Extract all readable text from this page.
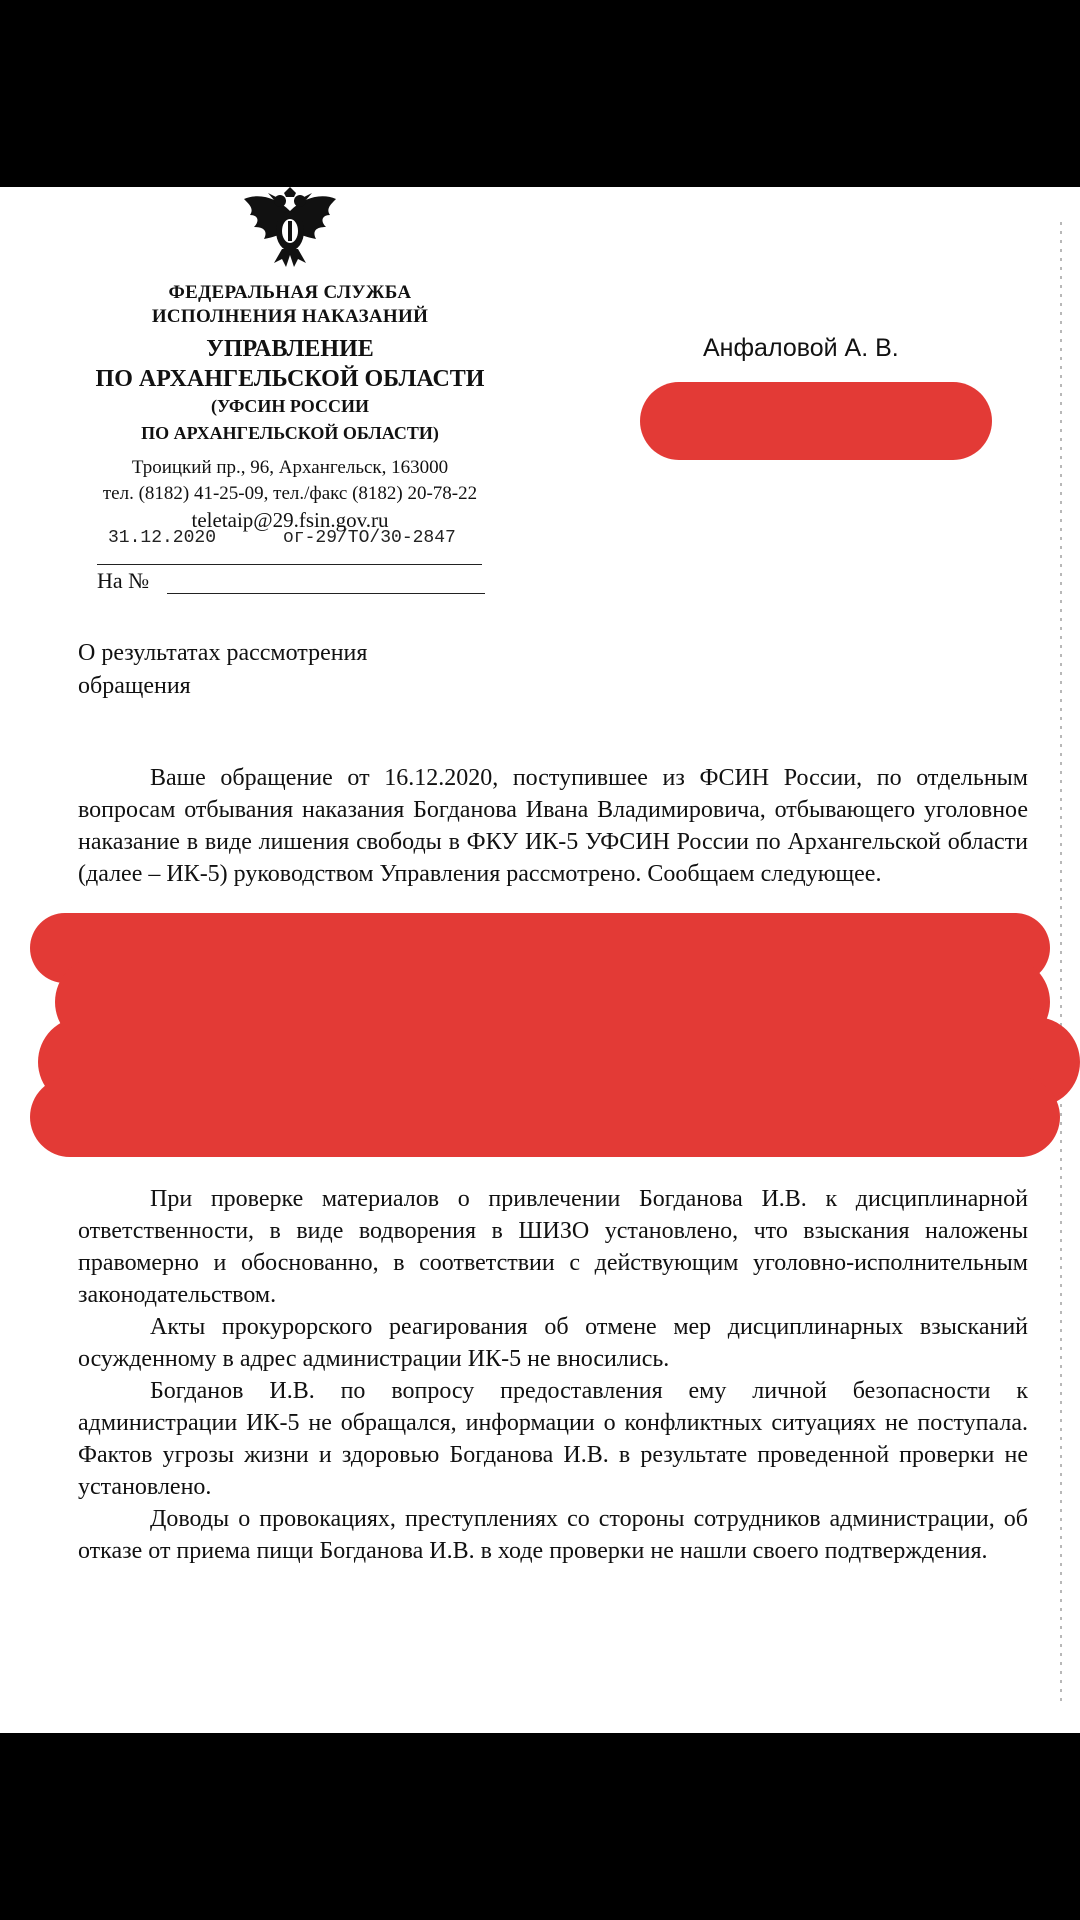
ФЕДЕРАЛЬНАЯ СЛУЖБА
ИСПОЛНЕНИЯ НАКАЗАНИЙ
УПРАВЛЕНИЕ
ПО АРХАНГЕЛЬСКОЙ ОБЛАСТИ
(УФСИН РОССИИ
ПО АРХАНГЕЛЬСКОЙ ОБЛАСТИ)
Троицкий пр., 96, Архангельск, 163000
тел. (8182) 41-25-09, тел./факс (8182) 20-78-22
teletaip@29.fsin.gov.ru
31.12.2020	ог-29/ТО/30-2847
На №
Анфаловой А. В.
О результатах рассмотрения
обращения

Ваше обращение от 16.12.2020, поступившее из ФСИН России, по отдельным вопросам отбывания наказания Богданова Ивана Владимировича, отбывающего уголовное наказание в виде лишения свободы в ФКУ ИК-5 УФСИН России по Архангельской области (далее – ИК-5) руководством Управления рассмотрено. Сообщаем следующее.

При проверке материалов о привлечении Богданова И.В. к дисциплинарной ответственности, в виде водворения в ШИЗО установлено, что взыскания наложены правомерно и обоснованно, в соответствии с действующим уголовно-исполнительным законодательством.

Акты прокурорского реагирования об отмене мер дисциплинарных взысканий осужденному в адрес администрации ИК-5 не вносились.

Богданов И.В. по вопросу предоставления ему личной безопасности к администрации ИК-5 не обращался, информации о конфликтных ситуациях не поступала. Фактов угрозы жизни и здоровью Богданова И.В. в результате проведенной проверки не установлено.

Доводы о провокациях, преступлениях со стороны сотрудников администрации, об отказе от приема пищи Богданова И.В. в ходе проверки не нашли своего подтверждения.
